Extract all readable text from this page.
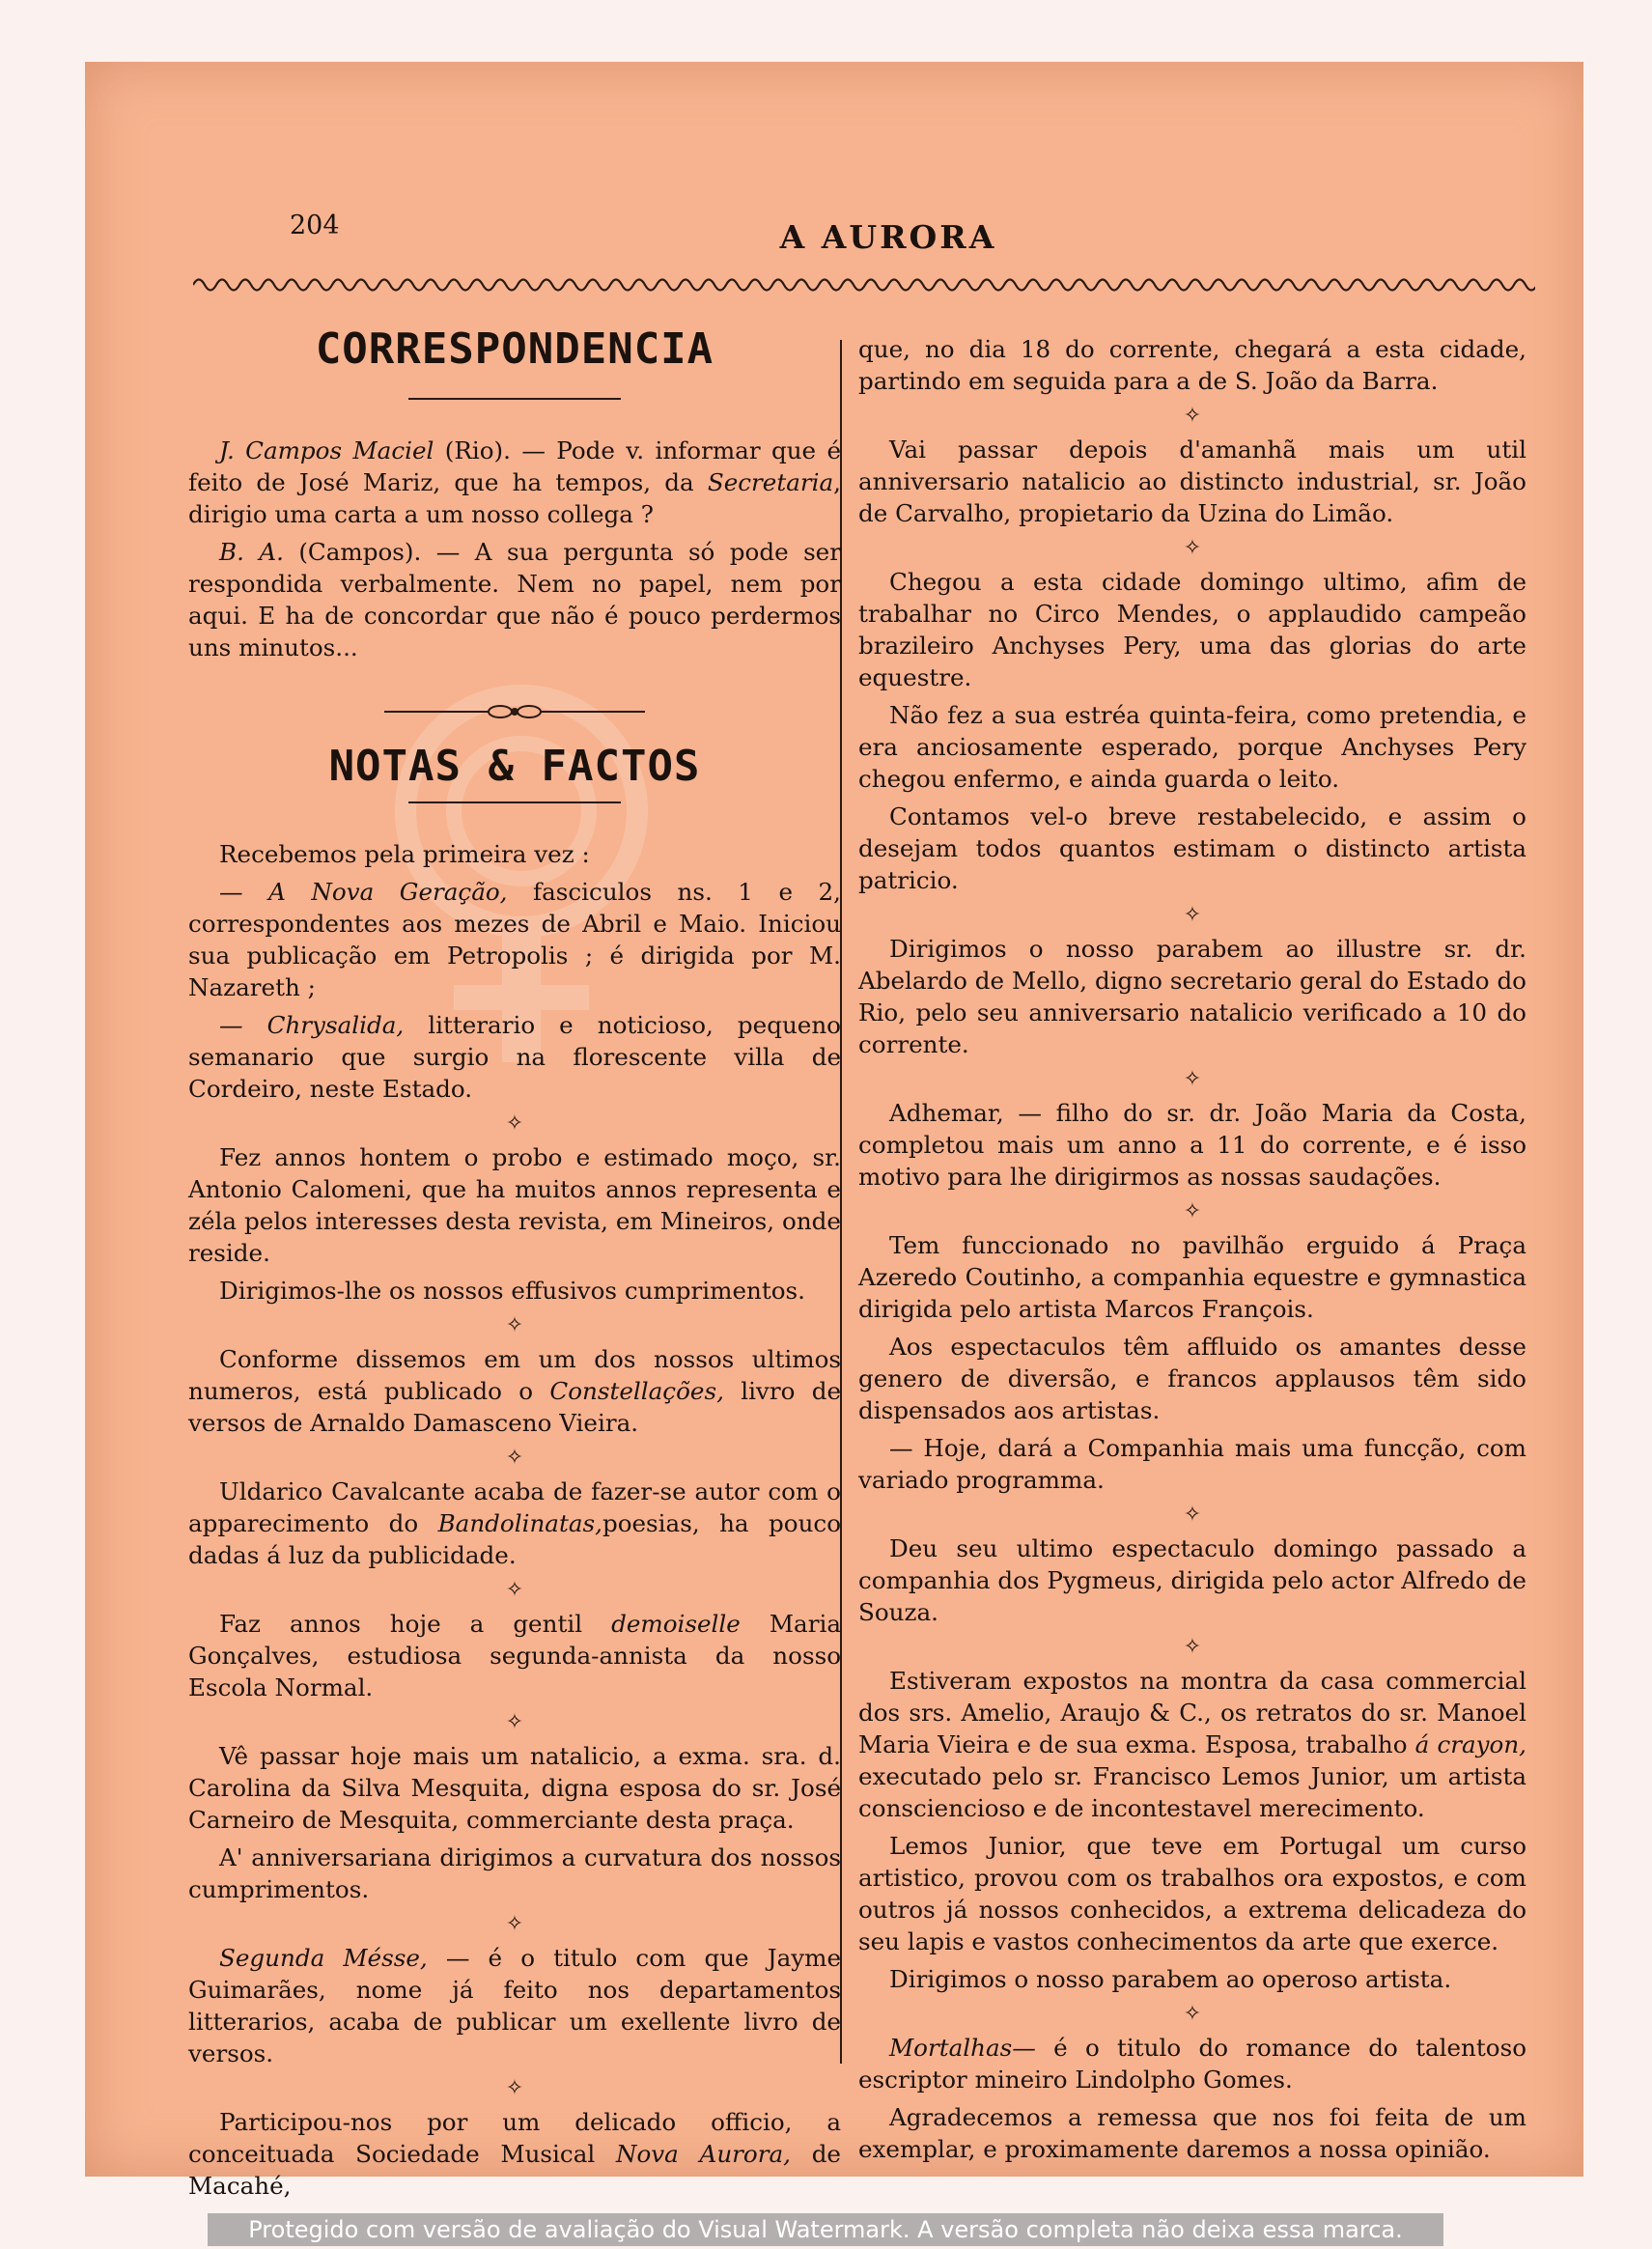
204	A AURORA
CORRESPONDENCIA

J. Campos Maciel (Rio). — Pode v. informar que é feito de José Mariz, que ha tempos, da Secretaria, dirigio uma carta a um nosso collega ?

B. A. (Campos). — A sua pergunta só pode ser respondida verbalmente. Nem no papel, nem por aqui. E ha de concordar que não é pouco perdermos uns minutos...

NOTAS & FACTOS

Recebemos pela primeira vez :

— A Nova Geração, fasciculos ns. 1 e 2, correspondentes aos mezes de Abril e Maio. Iniciou sua publicação em Petropolis ; é dirigida por M. Nazareth ;

— Chrysalida, litterario e noticioso, pequeno semanario que surgio na florescente villa de Cordeiro, neste Estado.

✧

Fez annos hontem o probo e estimado moço, sr. Antonio Calomeni, que ha muitos annos representa e zéla pelos interesses desta revista, em Mineiros, onde reside.

Dirigimos-lhe os nossos effusivos cumprimentos.

✧

Conforme dissemos em um dos nossos ultimos numeros, está publicado o Constellações, livro de versos de Arnaldo Damasceno Vieira.

✧

Uldarico Cavalcante acaba de fazer-se autor com o apparecimento do Bandolinatas,poesias, ha pouco dadas á luz da publicidade.

✧

Faz annos hoje a gentil demoiselle Maria Gonçalves, estudiosa segunda-annista da nosso Escola Normal.

✧

Vê passar hoje mais um natalicio, a exma. sra. d. Carolina da Silva Mesquita, digna esposa do sr. José Carneiro de Mesquita, commerciante desta praça.

A' anniversariana dirigimos a curvatura dos nossos cumprimentos.

✧

Segunda Mésse, — é o titulo com que Jayme Guimarães, nome já feito nos departamentos litterarios, acaba de publicar um exellente livro de versos.

✧

Participou-nos por um delicado officio, a conceituada Sociedade Musical Nova Aurora, de Macahé,

que, no dia 18 do corrente, chegará a esta cidade, partindo em seguida para a de S. João da Barra.

✧

Vai passar depois d'amanhã mais um util anniversario natalicio ao distincto industrial, sr. João de Carvalho, propietario da Uzina do Limão.

✧

Chegou a esta cidade domingo ultimo, afim de trabalhar no Circo Mendes, o applaudido campeão brazileiro Anchyses Pery, uma das glorias do arte equestre.

Não fez a sua estréa quinta-feira, como pretendia, e era anciosamente esperado, porque Anchyses Pery chegou enfermo, e ainda guarda o leito.

Contamos vel-o breve restabelecido, e assim o desejam todos quantos estimam o distincto artista patricio.

✧

Dirigimos o nosso parabem ao illustre sr. dr. Abelardo de Mello, digno secretario geral do Estado do Rio, pelo seu anniversario natalicio verificado a 10 do corrente.

✧

Adhemar, — filho do sr. dr. João Maria da Costa, completou mais um anno a 11 do corrente, e é isso motivo para lhe dirigirmos as nossas saudações.

✧

Tem funccionado no pavilhão erguido á Praça Azeredo Coutinho, a companhia equestre e gymnastica dirigida pelo artista Marcos François.

Aos espectaculos têm affluido os amantes desse genero de diversão, e francos applausos têm sido dispensados aos artistas.

— Hoje, dará a Companhia mais uma funcção, com variado programma.

✧

Deu seu ultimo espectaculo domingo passado a companhia dos Pygmeus, dirigida pelo actor Alfredo de Souza.

✧

Estiveram expostos na montra da casa commercial dos srs. Amelio, Araujo & C., os retratos do sr. Manoel Maria Vieira e de sua exma. Esposa, trabalho á crayon, executado pelo sr. Francisco Lemos Junior, um artista consciencioso e de incontestavel merecimento.

Lemos Junior, que teve em Portugal um curso artistico, provou com os trabalhos ora expostos, e com outros já nossos conhecidos, a extrema delicadeza do seu lapis e vastos conhecimentos da arte que exerce.

Dirigimos o nosso parabem ao operoso artista.

✧

Mortalhas— é o titulo do romance do talentoso escriptor mineiro Lindolpho Gomes.

Agradecemos a remessa que nos foi feita de um exemplar, e proximamente daremos a nossa opinião.

Protegido com versão de avaliação do Visual Watermark. A versão completa não deixa essa marca.
